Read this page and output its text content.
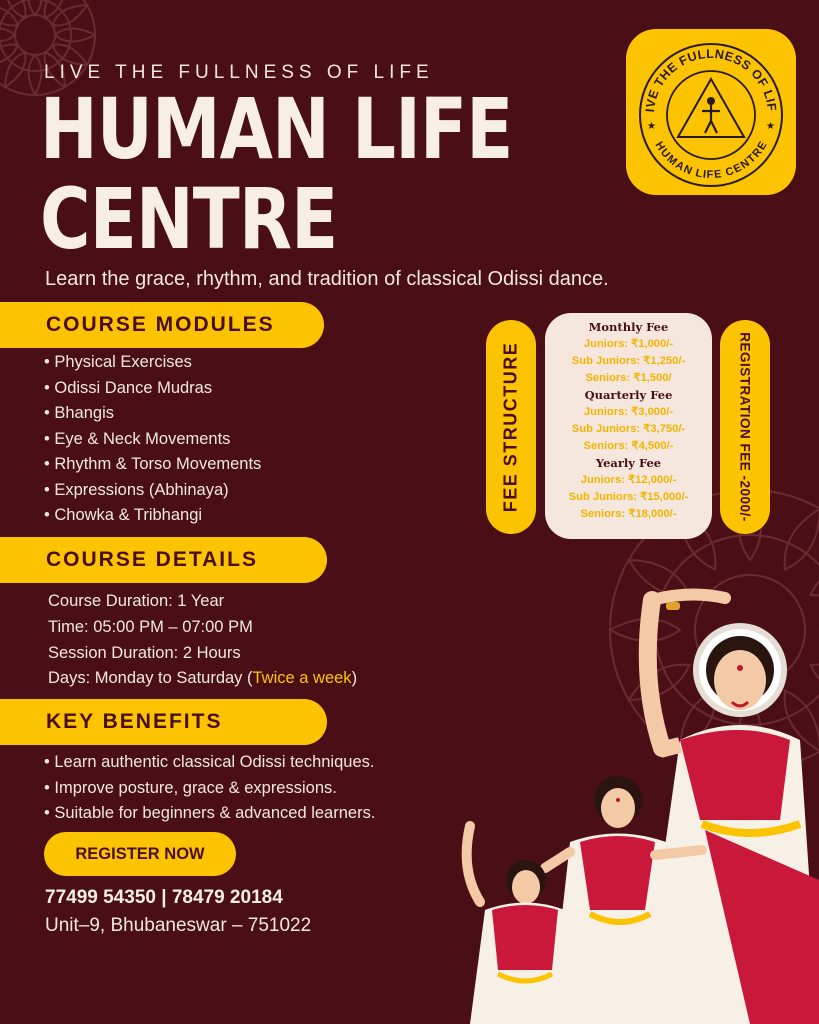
LIVE THE FULLNESS OF LIFE
HUMAN LIFE
CENTRE
Learn the grace, rhythm, and tradition of classical Odissi dance.
IVE THE FULLNESS OF LIF
HUMAN LIFE CENTRE
★	★
COURSE MODULES
• Physical Exercises
• Odissi Dance Mudras
• Bhangis
• Eye & Neck Movements
• Rhythm & Torso Movements
• Expressions (Abhinaya)
• Chowka & Tribhangi
COURSE DETAILS
Course Duration: 1 Year
Time: 05:00 PM – 07:00 PM
Session Duration: 2 Hours
Days: Monday to Saturday (Twice a week)
KEY BENEFITS
• Learn authentic classical Odissi techniques.
• Improve posture, grace & expressions.
• Suitable for beginners & advanced learners.
REGISTER NOW
77499 54350 | 78479 20184
Unit–9, Bhubaneswar – 751022
FEE STRUCTURE
Monthly Fee
Juniors: ₹1,000/-
Sub Juniors: ₹1,250/-
Seniors: ₹1,500/
Quarterly Fee
Juniors: ₹3,000/-
Sub Juniors: ₹3,750/-
Seniors: ₹4,500/-
Yearly Fee
Juniors: ₹12,000/-
Sub Juniors: ₹15,000/-
Seniors: ₹18,000/-	REGISTRATION FEE -2000/-
